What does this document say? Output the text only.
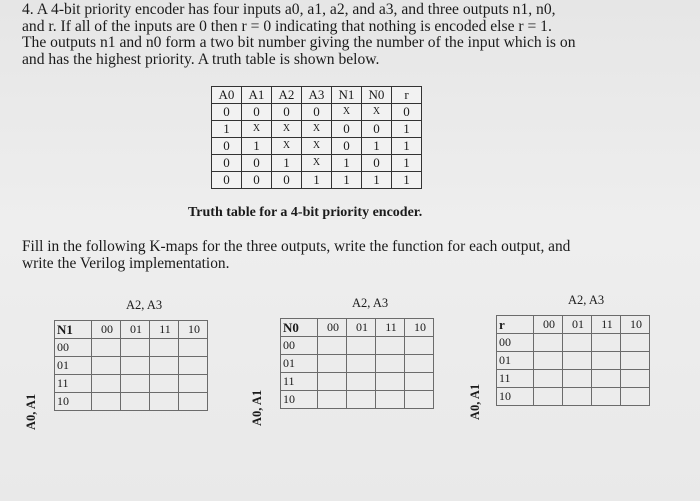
4. A 4-bit priority encoder has four inputs a0, a1, a2, and a3, and three outputs n1, n0,

and r. If all of the inputs are 0 then r = 0 indicating that nothing is encoded else r = 1.

The outputs n1 and n0 form a two bit number giving the number of the input which is on

and has the highest priority. A truth table is shown below.

A0	A1	A2	A3	N1	N0	r
0	0	0	0	X	X	0
1	X	X	X	0	0	1
0	1	X	X	0	1	1
0	0	1	X	1	0	1
0	0	0	1	1	1	1
Truth table for a 4-bit priority encoder.

Fill in the following K-maps for the three outputs, write the function for each output, and

write the Verilog implementation.

A2, A3
A0, A1
N1	00	01	11	10
00				
01				
11				
10				
A2, A3
A0, A1
N0	00	01	11	10
00				
01				
11				
10				
A2, A3
A0, A1
r	00	01	11	10
00				
01				
11				
10				
